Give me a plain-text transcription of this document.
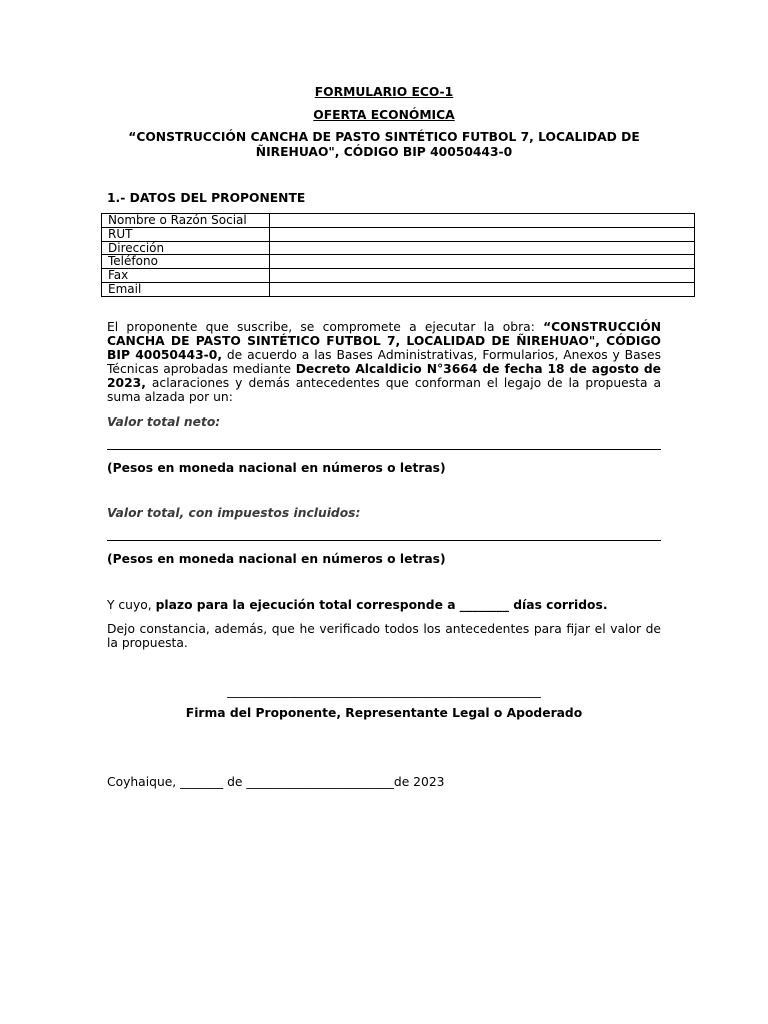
FORMULARIO ECO-1
OFERTA ECONÓMICA
“CONSTRUCCIÓN CANCHA DE PASTO SINTÉTICO FUTBOL 7, LOCALIDAD DE
ÑIREHUAO", CÓDIGO BIP 40050443-0
1.- DATOS DEL PROPONENTE
Nombre o Razón Social	
RUT	
Dirección	
Teléfono	
Fax	
Email	
El proponente que suscribe, se compromete a ejecutar la obra: “CONSTRUCCIÓN CANCHA DE PASTO SINTÉTICO FUTBOL 7, LOCALIDAD DE ÑIREHUAO", CÓDIGO BIP 40050443-0, de acuerdo a las Bases Administrativas, Formularios, Anexos y Bases Técnicas aprobadas mediante Decreto Alcaldicio N°3664 de fecha 18 de agosto de 2023, aclaraciones y demás antecedentes que conforman el legajo de la propuesta a suma alzada por un:
Valor total neto:
(Pesos en moneda nacional en números o letras)
Valor total, con impuestos incluidos:
(Pesos en moneda nacional en números o letras)
Y cuyo, plazo para la ejecución total corresponde a ________ días corridos.
Dejo constancia, además, que he verificado todos los antecedentes para fijar el valor de la propuesta.
___________________________________________________
Firma del Proponente, Representante Legal o Apoderado
Coyhaique, _______ de ________________________de 2023
